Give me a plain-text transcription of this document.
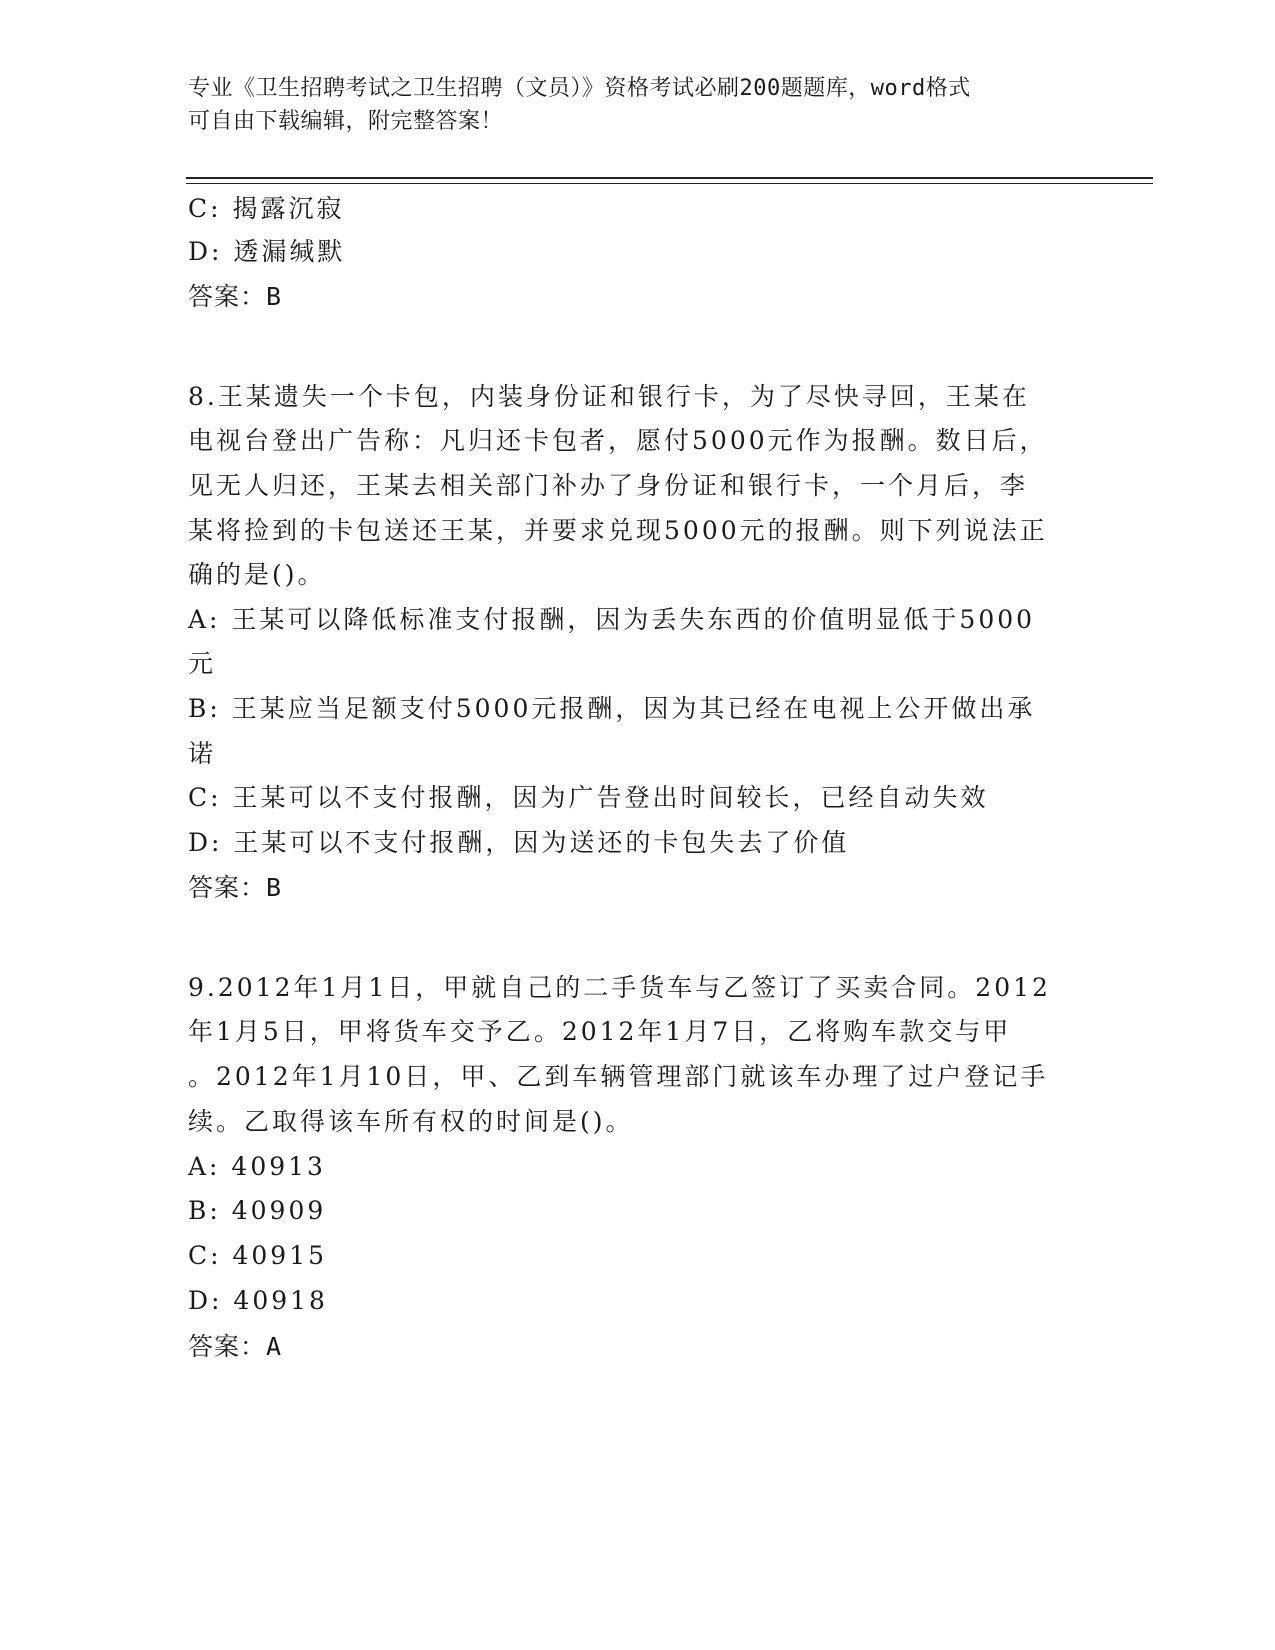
专业《卫生招聘考试之卫生招聘（文员）》资格考试必刷200题题库，word格式
可自由下载编辑，附完整答案！
C: 揭露沉寂
D: 透漏缄默
答案：B
8.王某遗失一个卡包，内装身份证和银行卡，为了尽快寻回，王某在
电视台登出广告称：凡归还卡包者，愿付5000元作为报酬。数日后，
见无人归还，王某去相关部门补办了身份证和银行卡，一个月后，李
某将捡到的卡包送还王某，并要求兑现5000元的报酬。则下列说法正
确的是()。
A: 王某可以降低标准支付报酬，因为丢失东西的价值明显低于5000
元
B: 王某应当足额支付5000元报酬，因为其已经在电视上公开做出承
诺
C: 王某可以不支付报酬，因为广告登出时间较长，已经自动失效
D: 王某可以不支付报酬，因为送还的卡包失去了价值
答案：B
9.2012年1月1日，甲就自己的二手货车与乙签订了买卖合同。2012
年1月5日，甲将货车交予乙。2012年1月7日，乙将购车款交与甲
。2012年1月10日，甲、乙到车辆管理部门就该车办理了过户登记手
续。乙取得该车所有权的时间是()。
A: 40913
B: 40909
C: 40915
D: 40918
答案：A
